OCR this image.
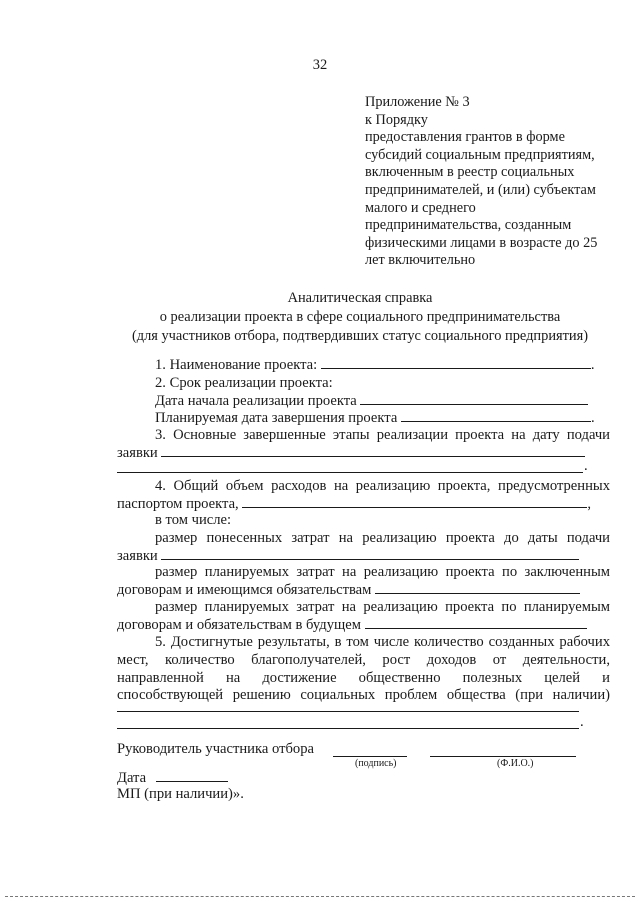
32
Приложение № 3
к Порядку
предоставления грантов в форме
субсидий социальным предприятиям,
включенным в реестр социальных
предпринимателей, и (или) субъектам
малого и среднего
предпринимательства, созданным
физическими лицами в возрасте до 25
лет включительно
Аналитическая справка
о реализации проекта в сфере социального предпринимательства
(для участников отбора, подтвердивших статус социального предприятия)
1. Наименование проекта:	.
2. Срок реализации проекта:
Дата начала реализации проекта
Планируемая дата завершения проекта	.
3. Основные завершенные этапы реализации проекта на дату подачи
заявки
.
4. Общий объем расходов на реализацию проекта, предусмотренных
паспортом проекта,	,
в том числе:
размер понесенных затрат на реализацию проекта до даты подачи
заявки
размер планируемых затрат на реализацию проекта по заключенным
договорам и имеющимся обязательствам
размер планируемых затрат на реализацию проекта по планируемым
договорам и обязательствам в будущем
5. Достигнутые результаты, в том числе количество созданных рабочих
мест, количество благополучателей, рост доходов от деятельности,
направленной на достижение общественно полезных целей и
способствующей решению социальных проблем общества (при наличии)
.
Руководитель участника отбора
(подпись)	(Ф.И.О.)
Дата
МП (при наличии)».
